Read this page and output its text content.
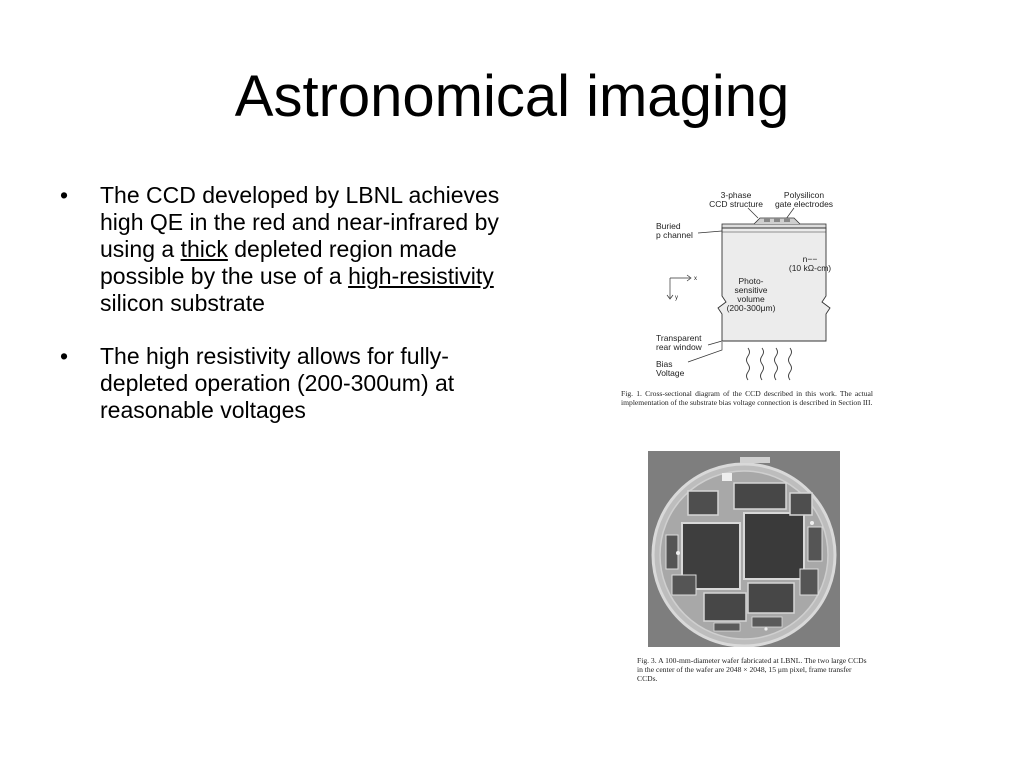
Astronomical imaging
• The CCD developed by LBNL achieves high QE in the red and near-infrared by using a thick depleted region made possible by the use of a high-resistivity silicon substrate
• The high resistivity allows for fully-depleted operation (200-300um) at reasonable voltages
3-phase
CCD structure
Polysilicon
gate electrodes
Buried
p channel
x
y
n−−
(10 kΩ-cm)
Photo-
sensitive
volume
(200-300μm)
Transparent
rear window
Bias
Voltage
Fig. 1. Cross-sectional diagram of the CCD described in this work. The actual implementation of the substrate bias voltage connection is described in Section III.
Fig. 3. A 100-mm-diameter wafer fabricated at LBNL. The two large CCDs
in the center of the wafer are 2048 × 2048, 15 μm pixel, frame transfer CCDs.
